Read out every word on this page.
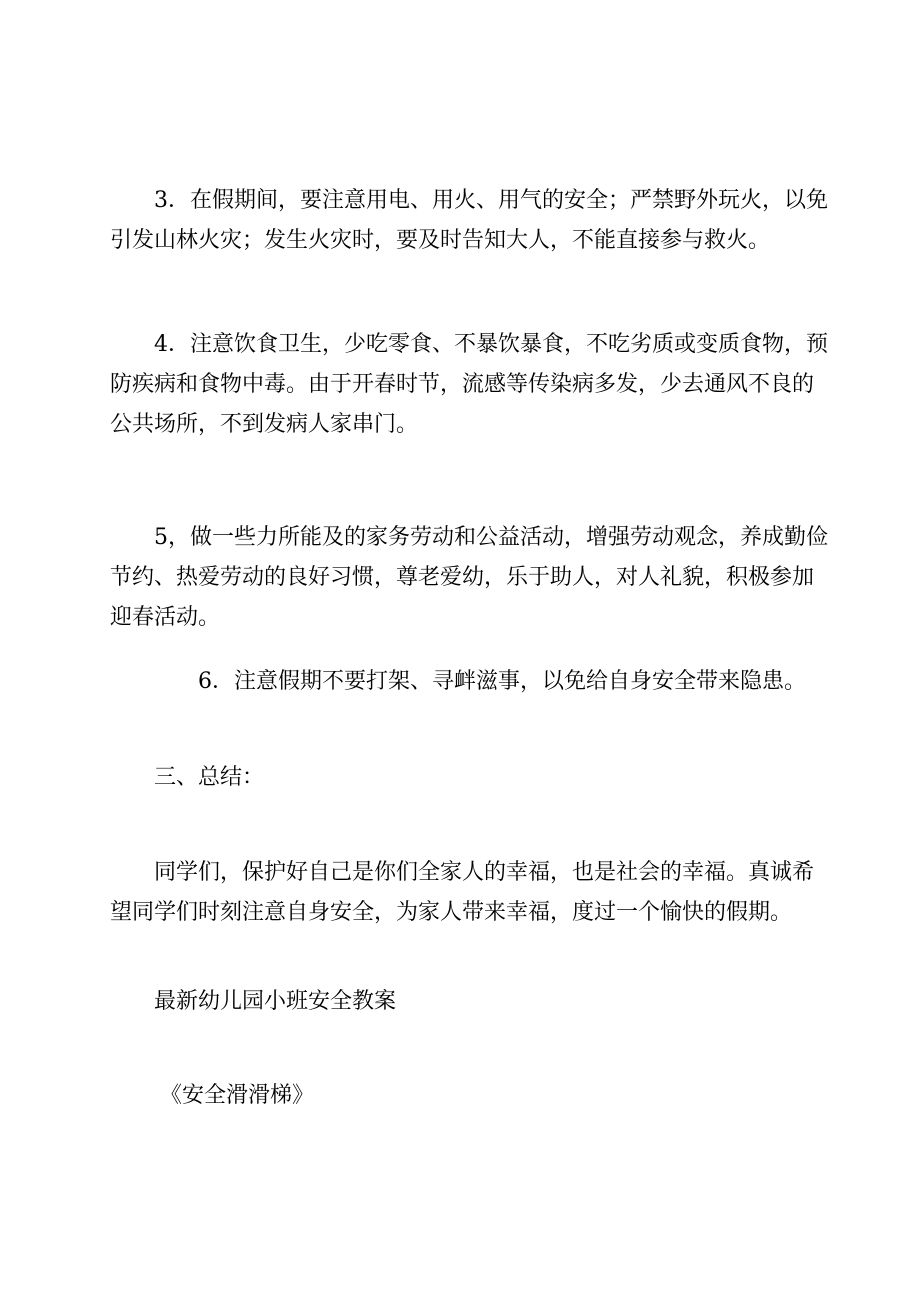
3．在假期间，要注意用电、用火、用气的安全；严禁野外玩火，以免引发山林火灾；发生火灾时，要及时告知大人，不能直接参与救火。

4．注意饮食卫生，少吃零食、不暴饮暴食，不吃劣质或变质食物，预防疾病和食物中毒。由于开春时节，流感等传染病多发，少去通风不良的公共场所，不到发病人家串门。

5，做一些力所能及的家务劳动和公益活动，增强劳动观念，养成勤俭节约、热爱劳动的良好习惯，尊老爱幼，乐于助人，对人礼貌，积极参加迎春活动。

6．注意假期不要打架、寻衅滋事，以免给自身安全带来隐患。

三、总结：

同学们，保护好自己是你们全家人的幸福，也是社会的幸福。真诚希望同学们时刻注意自身安全，为家人带来幸福，度过一个愉快的假期。

最新幼儿园小班安全教案

《安全滑滑梯》
